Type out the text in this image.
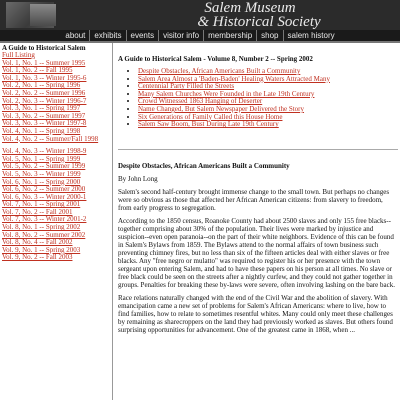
Salem Museum
& Historical Society
about	exhibits	events	visitor info	membership	shop	salem history
A Guide to Historical Salem
Full Listing
Vol. 1, No. 1 -- Summer 1995
Vol. 1, No. 2 -- Fall 1995
Vol. 1, No. 3 -- Winter 1995-6
Vol. 2, No. 1 -- Spring 1996
Vol. 2, No. 2 -- Summer 1996
Vol. 2, No. 3 -- Winter 1996-7
Vol. 3, No. 1 -- Spring 1997
Vol. 3, No. 2 -- Summer 1997
Vol. 3, No. 3 -- Winter 1997-8
Vol. 4, No. 1 -- Spring 1998
Vol. 4, No. 2 -- Summer/Fall 1998
Vol. 4, No. 3 -- Winter 1998-9
Vol. 5, No. 1 -- Spring 1999
Vol. 5, No. 2 -- Summer 1999
Vol. 5, No. 3 -- Winter 1999
Vol. 6, No. 1 -- Spring 2000
Vol. 6, No. 2 -- Summer 2000
Vol. 6, No. 3 -- Winter 2000-1
Vol. 7, No. 1 -- Spring 2001
Vol. 7, No. 2 -- Fall 2001
Vol. 7, No. 3 -- Winter 2001-2
Vol. 8, No. 1 -- Spring 2002
Vol. 8, No. 2 -- Summer 2002
Vol. 8, No. 4 -- Fall 2002
Vol. 9, No. 1 -- Spring 2003
Vol. 9, No. 2 -- Fall 2003
A Guide to Historical Salem - Volume 8, Number 2 -- Spring 2002
• Despite Obstacles, African Americans Built a Community
• Salem Area Almost a 'Baden-Baden' Healing Waters Attracted Many
• Centennial Party Filled the Streets
• Many Salem Churches Were Founded in the Late 19th Century
• Crowd Witnessed 1863 Hanging of Deserter
• Name Changed, But Salem Newspaper Delivered the Story
• Six Generations of Family Called this House Home
• Salem Saw Boom, Bust During Late 19th Century
Despite Obstacles, African Americans Built a Community
By John Long

Salem's second half-century brought immense change to the small town. But perhaps no changes were so obvious as those that affected her African American citizens: from slavery to freedom, from early progress to segregation.

According to the 1850 census, Roanoke County had about 2500 slaves and only 155 free blacks--together comprising about 30% of the population. Their lives were marked by injustice and suspicion--even open paranoia--on the part of their white neighbors. Evidence of this can be found in Salem's Bylaws from 1859. The Bylaws attend to the normal affairs of town business such preventing chimney fires, but no less than six of the fifteen articles deal with either slaves or free blacks. Any "free negro or mulatto" was required to register his or her presence with the town sergeant upon entering Salem, and had to have these papers on his person at all times. No slave or free black could be seen on the streets after a nightly curfew, and they could not gather together in groups. Penalties for breaking these by-laws were severe, often involving lashing on the bare back.

Race relations naturally changed with the end of the Civil War and the abolition of slavery. With emancipation came a new set of problems for Salem's African Americans: where to live, how to find families, how to relate to sometimes resentful whites. Many could only meet these challenges by remaining as sharecroppers on the land they had previously worked as slaves. But others found surprising opportunities for advancement. One of the greatest came in 1868, when ...
